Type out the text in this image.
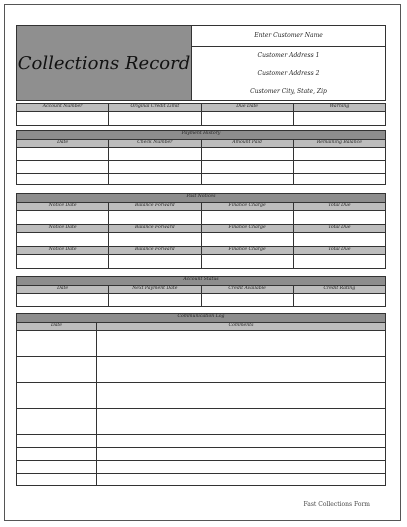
Collections Record
Enter Customer Name
Customer Address 1
Customer Address 2
Customer City, State, Zip
Account Number	Original Credit Limit	Due Date	Warning
Payment History
Date	Check Number	Amount Paid	Remaining Balance
Past Notices
Notice Date	Balance Forward	Finance Charge	Total Due
Notice Date	Balance Forward	Finance Charge	Total Due
Notice Date	Balance Forward	Finance Charge	Total Due
Account Status
Date	Next Payment Date	Credit Available	Credit Rating
Communication Log
Date	Comments
Fast Collections Form
